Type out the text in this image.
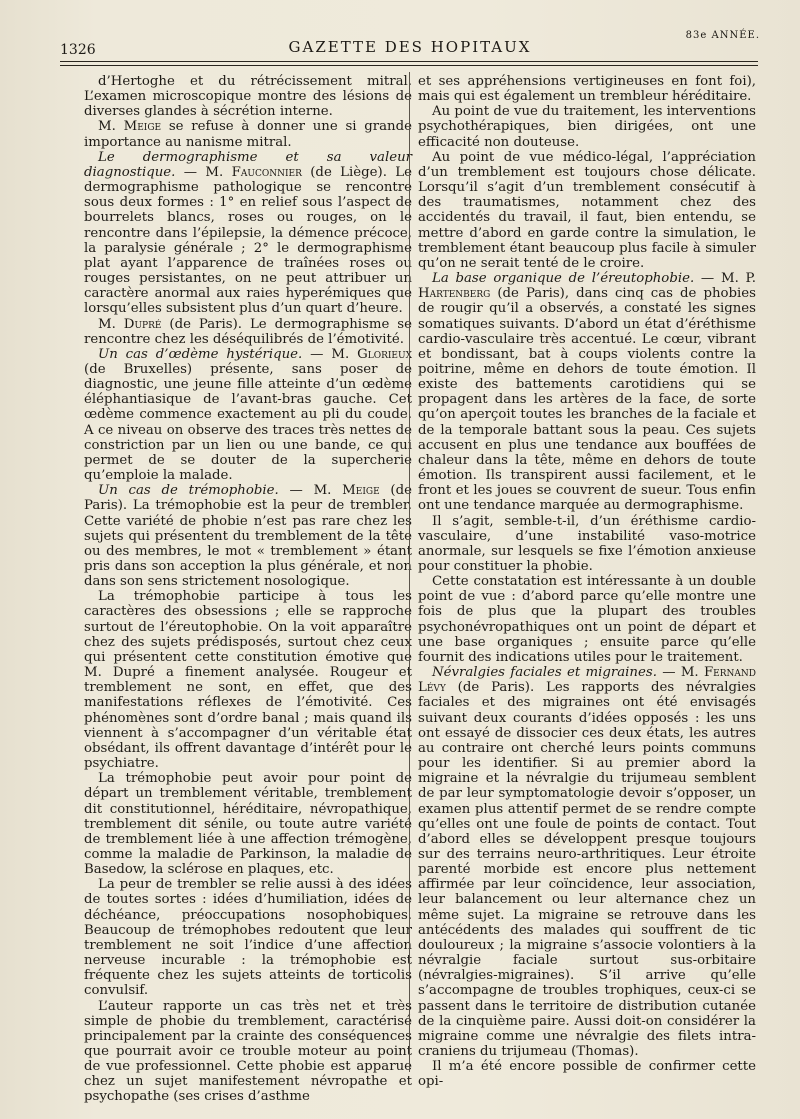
1326	GAZETTE DES HOPITAUX
83e ANNÉE.

d’Hertoghe et du rétrécissement mitral. L’examen microscopique montre des lésions de diverses glandes à sécrétion interne.

M. Meige se refuse à donner une si grande importance au nanisme mitral.

Le dermographisme et sa valeur diagnostique. — M. Fauconnier (de Liège). Le dermographisme pathologique se rencontre sous deux formes : 1° en relief sous l’aspect de bourrelets blancs, roses ou rouges, on le rencontre dans l’épilepsie, la démence précoce, la paralysie générale ; 2° le dermographisme plat ayant l’apparence de traînées roses ou rouges persistantes, on ne peut attribuer un caractère anormal aux raies hyperémiques que lorsqu’elles subsistent plus d’un quart d’heure.

M. Dupré (de Paris). Le dermographisme se rencontre chez les déséquilibrés de l’émotivité.

Un cas d’œdème hystérique. — M. Glorieux (de Bruxelles) présente, sans poser de diagnostic, une jeune fille atteinte d’un œdème éléphantiasique de l’avant-bras gauche. Cet œdème commence exactement au pli du coude. A ce niveau on observe des traces très nettes de constriction par un lien ou une bande, ce qui permet de se douter de la supercherie qu’emploie la malade.

Un cas de trémophobie. — M. Meige (de Paris). La trémophobie est la peur de trembler. Cette variété de phobie n’est pas rare chez les sujets qui présentent du tremblement de la tête ou des membres, le mot « tremblement » étant pris dans son acception la plus générale, et non dans son sens strictement nosologique.

La trémophobie participe à tous les caractères des obsessions ; elle se rapproche surtout de l’éreutophobie. On la voit apparaître chez des sujets prédisposés, surtout chez ceux qui présentent cette constitution émotive que M. Dupré a finement analysée. Rougeur et tremblement ne sont, en effet, que des manifestations réflexes de l’émotivité. Ces phénomènes sont d’ordre banal ; mais quand ils viennent à s’accompagner d’un véritable état obsédant, ils offrent davantage d’intérêt pour le psychiatre.

La trémophobie peut avoir pour point de départ un tremblement véritable, tremblement dit constitutionnel, héréditaire, névropathique, tremblement dit sénile, ou toute autre variété de tremblement liée à une affection trémogène, comme la maladie de Parkinson, la maladie de Basedow, la sclérose en plaques, etc.

La peur de trembler se relie aussi à des idées de toutes sortes : idées d’humiliation, idées de déchéance, préoccupations nosophobiques. Beaucoup de trémophobes redoutent que leur tremblement ne soit l’indice d’une affection nerveuse incurable : la trémophobie est fréquente chez les sujets atteints de torticolis convulsif.

L’auteur rapporte un cas très net et très simple de phobie du tremblement, caractérisé principalement par la crainte des conséquences que pourrait avoir ce trouble moteur au point de vue professionnel. Cette phobie est apparue chez un sujet manifestement névropathe et psychopathe (ses crises d’asthme

et ses appréhensions vertigineuses en font foi), mais qui est également un trembleur héréditaire.

Au point de vue du traitement, les interventions psychothérapiques, bien dirigées, ont une efficacité non douteuse.

Au point de vue médico-légal, l’appréciation d’un tremblement est toujours chose délicate. Lorsqu’il s’agit d’un tremblement consécutif à des traumatismes, notamment chez des accidentés du travail, il faut, bien entendu, se mettre d’abord en garde contre la simulation, le tremblement étant beaucoup plus facile à simuler qu’on ne serait tenté de le croire.

La base organique de l’éreutophobie. — M. P. Hartenberg (de Paris), dans cinq cas de phobies de rougir qu’il a observés, a constaté les signes somatiques suivants. D’abord un état d’éréthisme cardio-vasculaire très accentué. Le cœur, vibrant et bondissant, bat à coups violents contre la poitrine, même en dehors de toute émotion. Il existe des battements carotidiens qui se propagent dans les artères de la face, de sorte qu’on aperçoit toutes les branches de la faciale et de la temporale battant sous la peau. Ces sujets accusent en plus une tendance aux bouffées de chaleur dans la tête, même en dehors de toute émotion. Ils transpirent aussi facilement, et le front et les joues se couvrent de sueur. Tous enfin ont une tendance marquée au dermographisme.

Il s’agit, semble-t-il, d’un éréthisme cardio-vasculaire, d’une instabilité vaso-motrice anormale, sur lesquels se fixe l’émotion anxieuse pour constituer la phobie.

Cette constatation est intéressante à un double point de vue : d’abord parce qu’elle montre une fois de plus que la plupart des troubles psychonévropathiques ont un point de départ et une base organiques ; ensuite parce qu’elle fournit des indications utiles pour le traitement.

Névralgies faciales et migraines. — M. Fernand Lévy (de Paris). Les rapports des névralgies faciales et des migraines ont été envisagés suivant deux courants d’idées opposés : les uns ont essayé de dissocier ces deux états, les autres au contraire ont cherché leurs points communs pour les identifier. Si au premier abord la migraine et la névralgie du trijumeau semblent de par leur symptomatologie devoir s’opposer, un examen plus attentif permet de se rendre compte qu’elles ont une foule de points de contact. Tout d’abord elles se développent presque toujours sur des terrains neuro-arthritiques. Leur étroite parenté morbide est encore plus nettement affirmée par leur coïncidence, leur association, leur balancement ou leur alternance chez un même sujet. La migraine se retrouve dans les antécédents des malades qui souffrent de tic douloureux ; la migraine s’associe volontiers à la névralgie faciale surtout sus-orbitaire (névralgies-migraines). S’il arrive qu’elle s’accompagne de troubles trophiques, ceux-ci se passent dans le territoire de distribution cutanée de la cinquième paire. Aussi doit-on considérer la migraine comme une névralgie des filets intra-craniens du trijumeau (Thomas).

Il m’a été encore possible de confirmer cette opi-
